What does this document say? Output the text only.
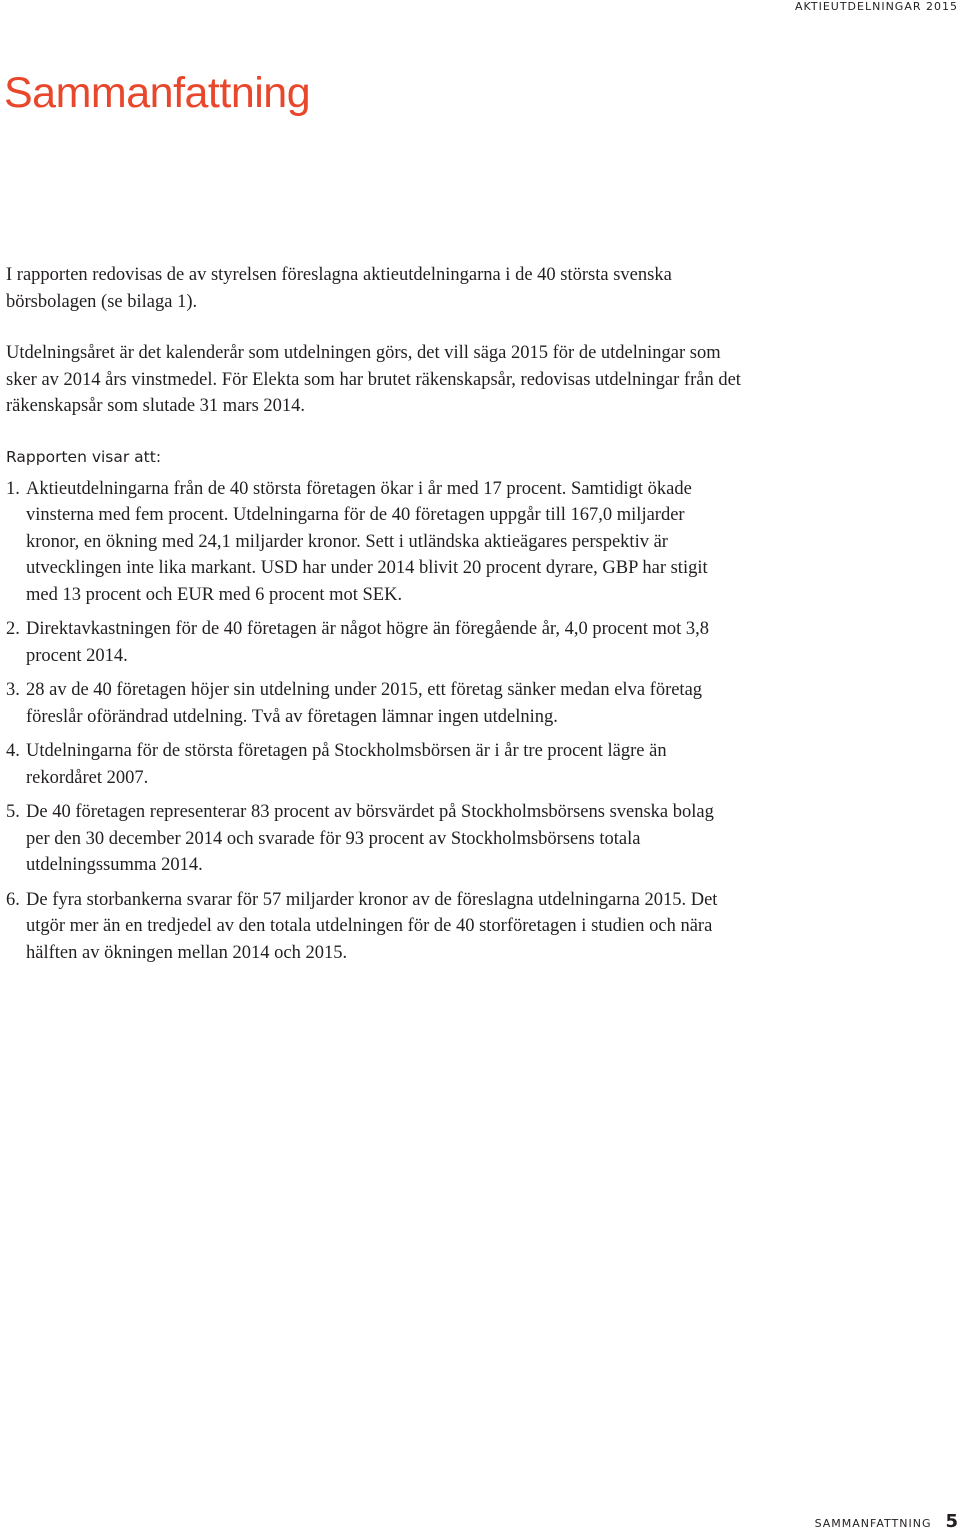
AKTIEUTDELNINGAR 2015
Sammanfattning

I rapporten redovisas de av styrelsen föreslagna aktieutdelningarna i de 40 största svenska börsbolagen (se bilaga 1).

Utdelningsåret är det kalenderår som utdelningen görs, det vill säga 2015 för de utdelningar som sker av 2014 års vinstmedel. För Elekta som har brutet räkenskapsår, redovisas utdelningar från det räkenskapsår som slutade 31 mars 2014.

Rapporten visar att:
1. Aktieutdelningarna från de 40 största företagen ökar i år med 17 procent. Samtidigt ökade vinsterna med fem procent. Utdelningarna för de 40 företagen uppgår till 167,0 miljarder kronor, en ökning med 24,1 miljarder kronor. Sett i utländska aktieägares perspektiv är utvecklingen inte lika markant. USD har under 2014 blivit 20 procent dyrare, GBP har stigit med 13 procent och EUR med 6 procent mot SEK.
2. Direktavkastningen för de 40 företagen är något högre än föregående år, 4,0 procent mot 3,8 procent 2014.
3. 28 av de 40 företagen höjer sin utdelning under 2015, ett företag sänker medan elva företag föreslår oförändrad utdelning. Två av företagen lämnar ingen utdelning.
4. Utdelningarna för de största företagen på Stockholmsbörsen är i år tre procent lägre än rekordåret 2007.
5. De 40 företagen representerar 83 procent av börsvärdet på Stockholmsbörsens svenska bolag per den 30 december 2014 och svarade för 93 procent av Stockholmsbörsens totala utdelningssumma 2014.
6. De fyra storbankerna svarar för 57 miljarder kronor av de föreslagna utdelningarna 2015. Det utgör mer än en tredjedel av den totala utdelningen för de 40 storföretagen i studien och nära hälften av ökningen mellan 2014 och 2015.
SAMMANFATTNING 5
